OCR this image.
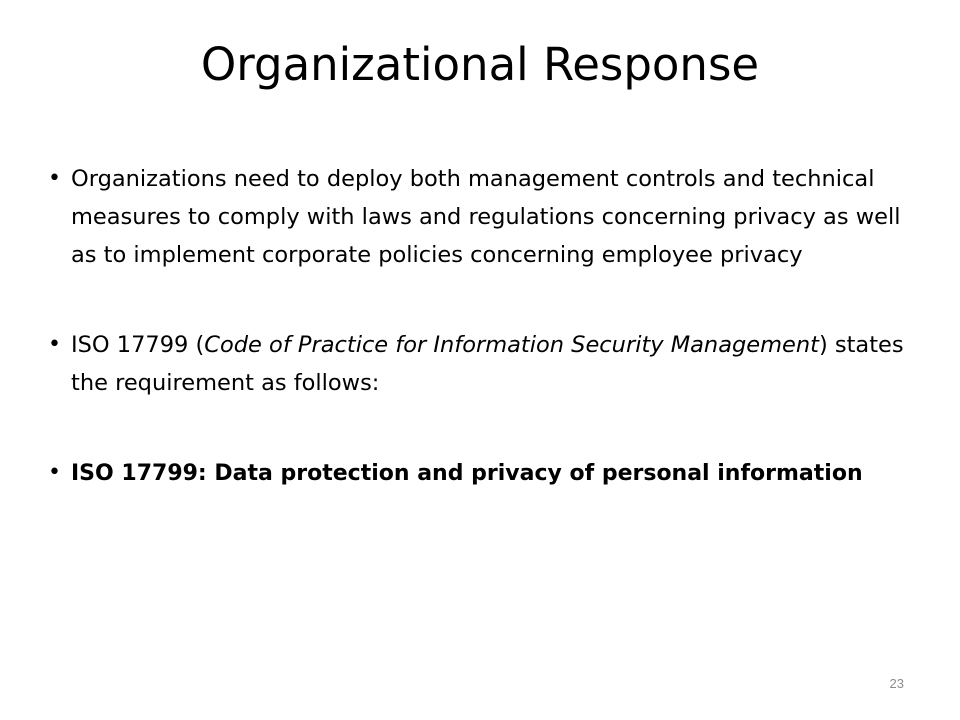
Organizational Response
• Organizations need to deploy both management controls and technical measures to comply with laws and regulations concerning privacy as well as to implement corporate policies concerning employee privacy
• ISO 17799 (Code of Practice for Information Security Management) states the requirement as follows:
• ISO 17799: Data protection and privacy of personal information
23
